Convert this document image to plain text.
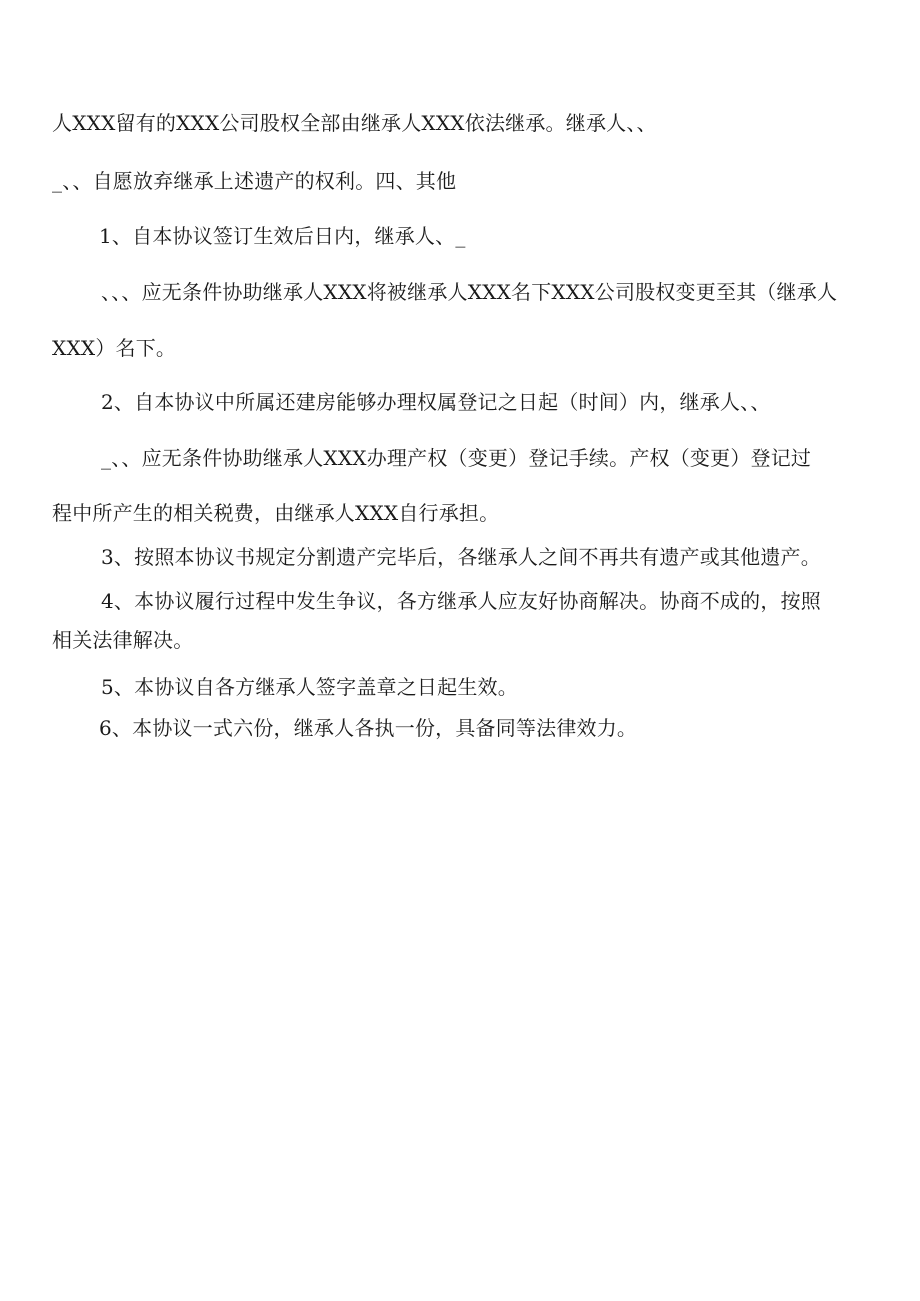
人XXX留有的XXX公司股权全部由继承人XXX依法继承。继承人、、

_、、自愿放弃继承上述遗产的权利。四、其他

1、自本协议签订生效后日内，继承人、_

、、、应无条件协助继承人XXX将被继承人XXX名下XXX公司股权变更至其（继承人

XXX）名下。

2、自本协议中所属还建房能够办理权属登记之日起（时间）内，继承人、、

_、、应无条件协助继承人XXX办理产权（变更）登记手续。产权（变更）登记过

程中所产生的相关税费，由继承人XXX自行承担。

3、按照本协议书规定分割遗产完毕后，各继承人之间不再共有遗产或其他遗产。

4、本协议履行过程中发生争议，各方继承人应友好协商解决。协商不成的，按照

相关法律解决。

5、本协议自各方继承人签字盖章之日起生效。

6、本协议一式六份，继承人各执一份，具备同等法律效力。
